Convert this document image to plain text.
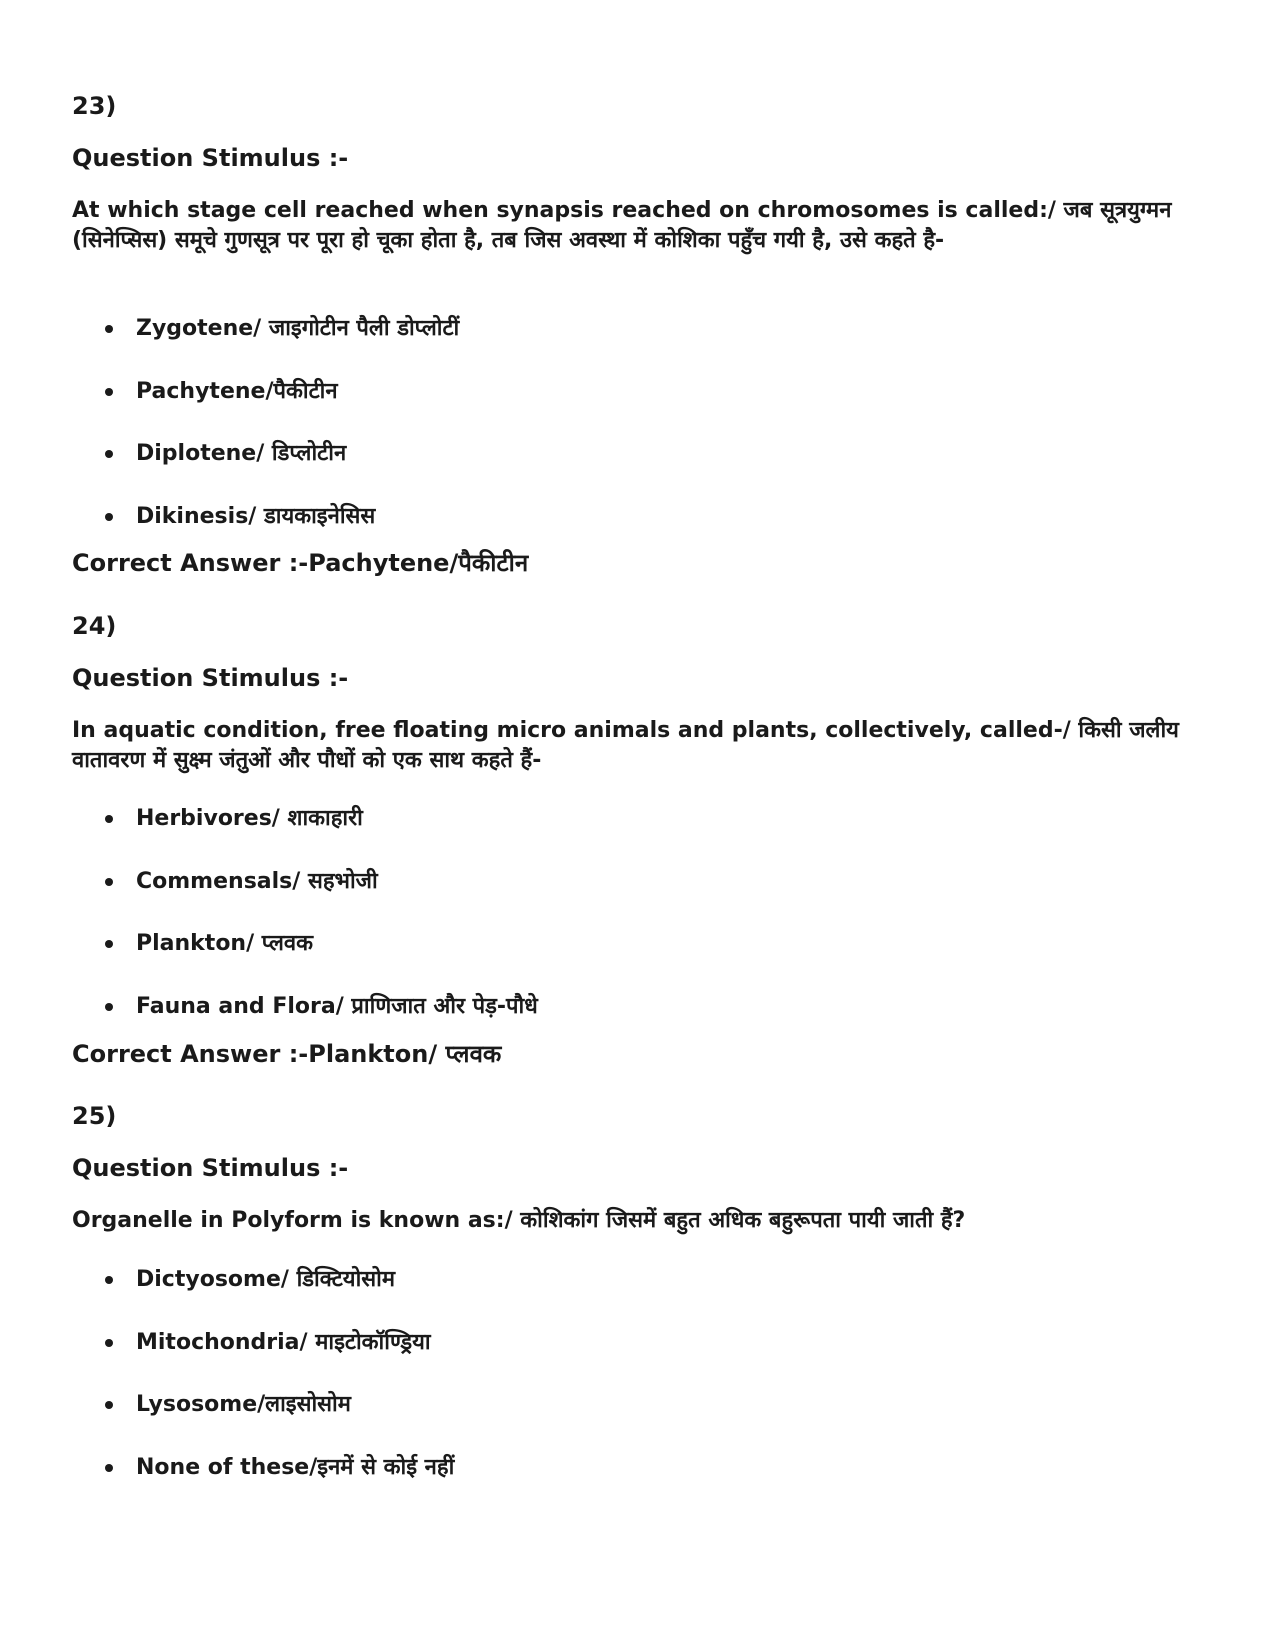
23)

Question Stimulus :-

At which stage cell reached when synapsis reached on chromosomes is called:/ जब सूत्रयुग्मन (सिनेप्सिस) समूचे गुणसूत्र पर पूरा हो चूका होता है, तब जिस अवस्था में कोशिका पहुँच गयी है, उसे कहते है-

Zygotene/ जाइगोटीन पैली डोप्लोटीं
Pachytene/पैकीटीन
Diplotene/ डिप्लोटीन
Dikinesis/ डायकाइनेसिस

Correct Answer :-Pachytene/पैकीटीन

24)

Question Stimulus :-

In aquatic condition, free floating micro animals and plants, collectively, called-/ किसी जलीय वातावरण में सुक्ष्म जंतुओं और पौधों को एक साथ कहते हैं-

Herbivores/ शाकाहारी
Commensals/ सहभोजी
Plankton/ प्लवक
Fauna and Flora/ प्राणिजात और पेड़-पौधे

Correct Answer :-Plankton/ प्लवक

25)

Question Stimulus :-

Organelle in Polyform is known as:/ कोशिकांग जिसमें बहुत अधिक बहुरूपता पायी जाती हैं?

Dictyosome/ डिक्टियोसोम
Mitochondria/ माइटोकॉण्ड्रिया
Lysosome/लाइसोसोम
None of these/इनमें से कोई नहीं
